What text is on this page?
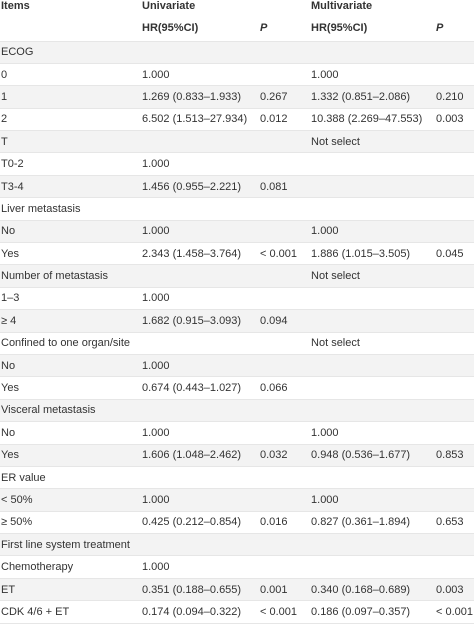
Items	Univariate		Multivariate	
	HR(95%CI)	P	HR(95%CI)	P
ECOG				
0	1.000		1.000	
1	1.269 (0.833–1.933)	0.267	1.332 (0.851–2.086)	0.210
2	6.502 (1.513–27.934)	0.012	10.388 (2.269–47.553)	0.003
T			Not select	
T0-2	1.000			
T3-4	1.456 (0.955–2.221)	0.081		
Liver metastasis				
No	1.000		1.000	
Yes	2.343 (1.458–3.764)	< 0.001	1.886 (1.015–3.505)	0.045
Number of metastasis			Not select	
1–3	1.000			
≥ 4	1.682 (0.915–3.093)	0.094		
Confined to one organ/site			Not select	
No	1.000			
Yes	0.674 (0.443–1.027)	0.066		
Visceral metastasis				
No	1.000		1.000	
Yes	1.606 (1.048–2.462)	0.032	0.948 (0.536–1.677)	0.853
ER value				
< 50%	1.000		1.000	
≥ 50%	0.425 (0.212–0.854)	0.016	0.827 (0.361–1.894)	0.653
First line system treatment				
Chemotherapy	1.000			
ET	0.351 (0.188–0.655)	0.001	0.340 (0.168–0.689)	0.003
CDK 4/6 + ET	0.174 (0.094–0.322)	< 0.001	0.186 (0.097–0.357)	< 0.001
